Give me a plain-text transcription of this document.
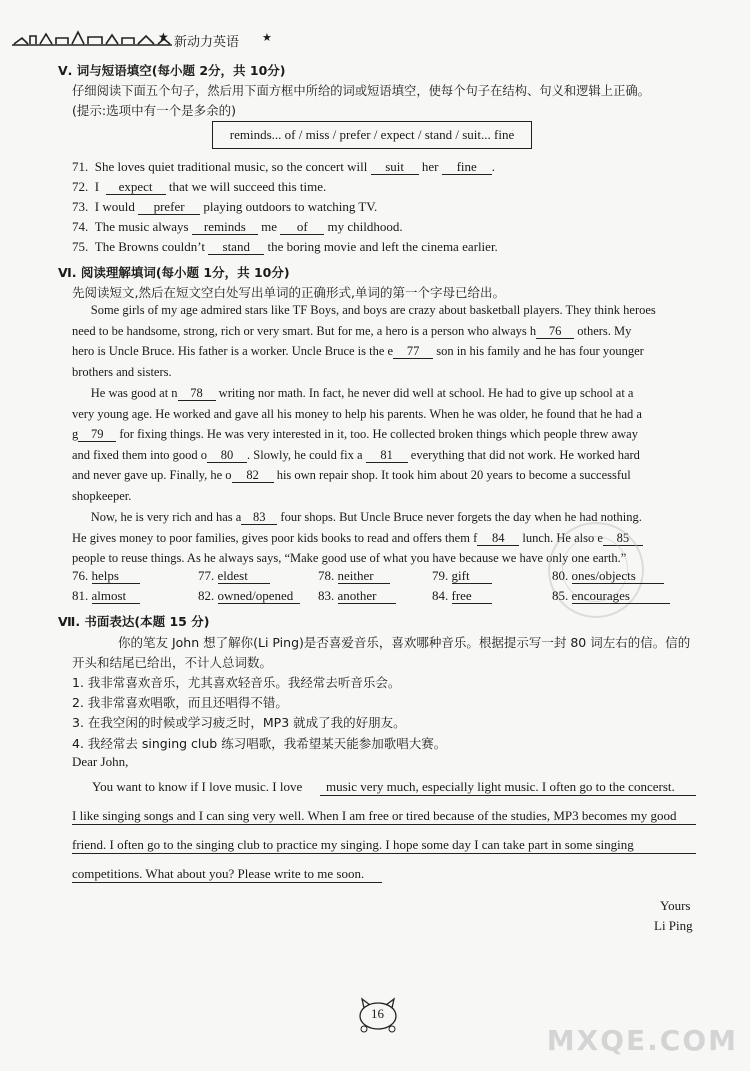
★ 新动力英语 ★
Ⅴ. 词与短语填空(每小题 2分，共 10分)
仔细阅读下面五个句子，然后用下面方框中所给的词或短语填空，使每个句子在结构、句义和逻辑上正确。
(提示:选项中有一个是多余的)
reminds... of / miss / prefer / expect / stand / suit... fine
71. She loves quiet traditional music, so the concert will suit her fine .
72. I expect that we will succeed this time.
73. I would prefer playing outdoors to watching TV.
74. The music always reminds me of my childhood.
75. The Browns couldn’t stand the boring movie and left the cinema earlier.
Ⅵ. 阅读理解填词(每小题 1分，共 10分)
先阅读短文,然后在短文空白处写出单词的正确形式,单词的第一个字母已给出。
Some girls of my age admired stars like TF Boys, and boys are crazy about basketball players. They think heroes
need to be handsome, strong, rich or very smart. But for me, a hero is a person who always h 76 others. My
hero is Uncle Bruce. His father is a worker. Uncle Bruce is the e 77 son in his family and he has four younger
brothers and sisters.
He was good at n 78 writing nor math. In fact, he never did well at school. He had to give up school at a
very young age. He worked and gave all his money to help his parents. When he was older, he found that he had a
g 79 for fixing things. He was very interested in it, too. He collected broken things which people threw away
and fixed them into good o 80 . Slowly, he could fix a 81 everything that did not work. He worked hard
and never gave up. Finally, he o 82 his own repair shop. It took him about 20 years to become a successful
shopkeeper.
Now, he is very rich and has a 83 four shops. But Uncle Bruce never forgets the day when he had nothing.
He gives money to poor families, gives poor kids books to read and offers them f 84 lunch. He also e 85
people to reuse things. As he always says, “Make good use of what you have because we have only one earth.”
76. helps	77. eldest	78. neither	79. gift	80. ones/objects
81. almost	82. owned/opened	83. another	84. free	85. encourages
Ⅶ. 书面表达(本题 15 分)
你的笔友 John 想了解你(Li Ping)是否喜爱音乐，喜欢哪种音乐。根据提示写一封 80 词左右的信。信的
开头和结尾已给出，不计人总词数。
1. 我非常喜欢音乐，尤其喜欢轻音乐。我经常去听音乐会。
2. 我非常喜欢唱歌，而且还唱得不错。
3. 在我空闲的时候或学习疲乏时，MP3 就成了我的好朋友。
4. 我经常去 singing club 练习唱歌，我希望某天能参加歌唱大赛。
Dear John,
You want to know if I love music. I love music very much, especially light music. I often go to the concerst.
I like singing songs and I can sing very well. When I am free or tired because of the studies, MP3 becomes my good
friend. I often go to the singing club to practice my singing. I hope some day I can take part in some singing
competitions. What about you? Please write to me soon.
Yours
Li Ping
16
MXQE.COM
